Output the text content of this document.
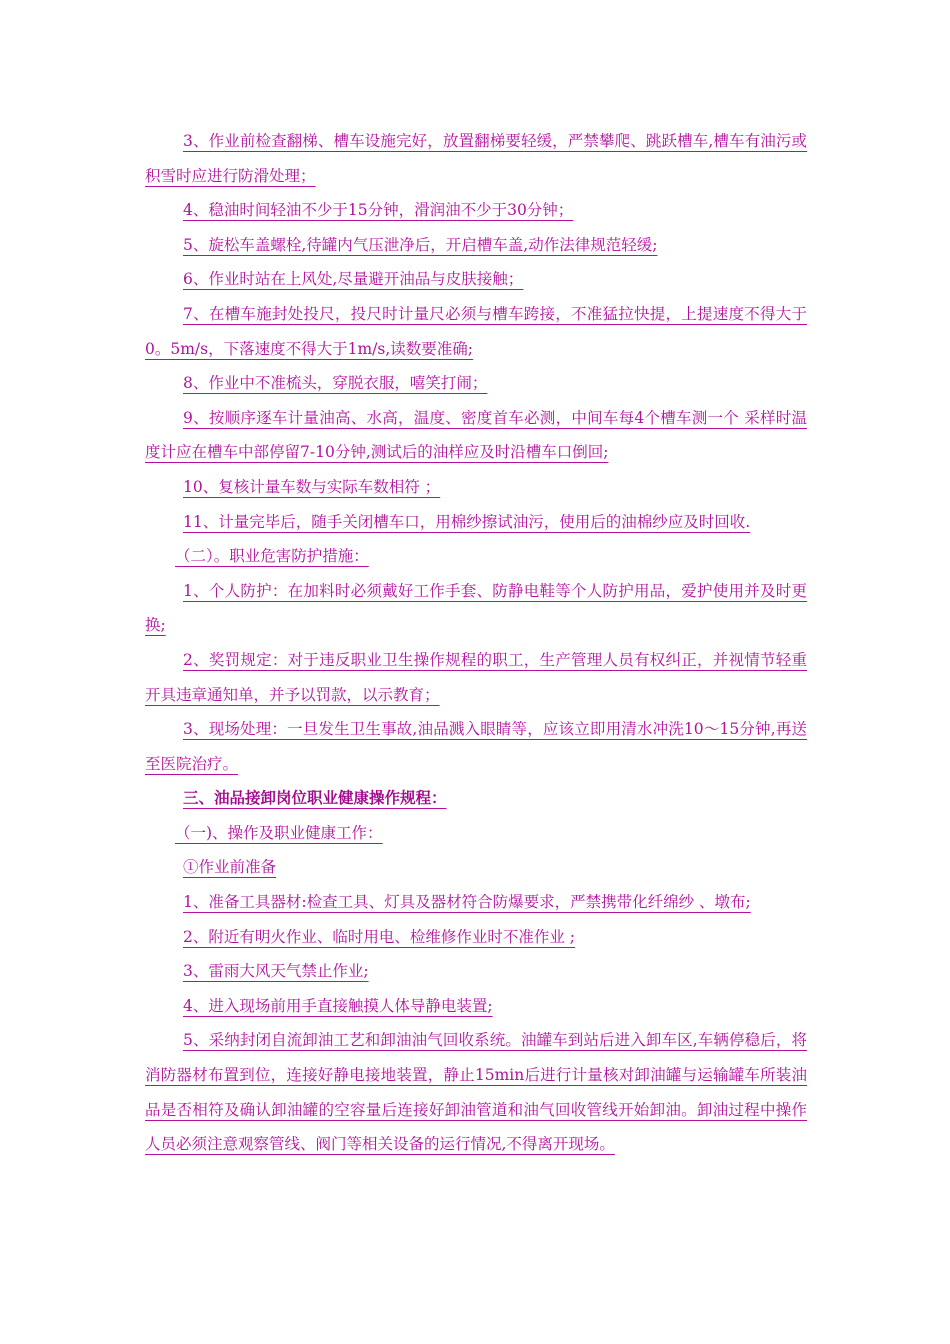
3、作业前检查翻梯、槽车设施完好，放置翻梯要轻缓，严禁攀爬、跳跃槽车,槽车有油污或积雪时应进行防滑处理；

4、稳油时间轻油不少于15分钟，滑润油不少于30分钟；

5、旋松车盖螺栓,待罐内气压泄净后，开启槽车盖,动作法律规范轻缓;

6、作业时站在上风处,尽量避开油品与皮肤接触；

7、在槽车施封处投尺，投尺时计量尺必须与槽车跨接，不准猛拉快提，上提速度不得大于0。5m/s，下落速度不得大于1m/s,读数要准确;

8、作业中不准梳头，穿脱衣服，嘻笑打闹；

9、按顺序逐车计量油高、水高，温度、密度首车必测，中间车每4个槽车测一个 采样时温度计应在槽车中部停留7-10分钟,测试后的油样应及时沿槽车口倒回;

10、复核计量车数与实际车数相符 ；

11、计量完毕后，随手关闭槽车口，用棉纱擦试油污，使用后的油棉纱应及时回收.

（二）。职业危害防护措施：

1、个人防护：在加料时必须戴好工作手套、防静电鞋等个人防护用品，爱护使用并及时更换;

2、奖罚规定：对于违反职业卫生操作规程的职工，生产管理人员有权纠正，并视情节轻重开具违章通知单，并予以罚款，以示教育；

3、现场处理：一旦发生卫生事故,油品溅入眼睛等，应该立即用清水冲洗10～15分钟,再送至医院治疗。

三、油品接卸岗位职业健康操作规程：

（一)、操作及职业健康工作：

①作业前准备

1、准备工具器材:检查工具、灯具及器材符合防爆要求，严禁携带化纤绵纱 、墩布;

2、附近有明火作业、临时用电、检维修作业时不准作业 ;

3、雷雨大风天气禁止作业;

4、进入现场前用手直接触摸人体导静电装置;

5、采纳封闭自流卸油工艺和卸油油气回收系统。油罐车到站后进入卸车区,车辆停稳后，将消防器材布置到位，连接好静电接地装置，静止15min后进行计量核对卸油罐与运输罐车所装油品是否相符及确认卸油罐的空容量后连接好卸油管道和油气回收管线开始卸油。卸油过程中操作人员必须注意观察管线、阀门等相关设备的运行情况,不得离开现场。
